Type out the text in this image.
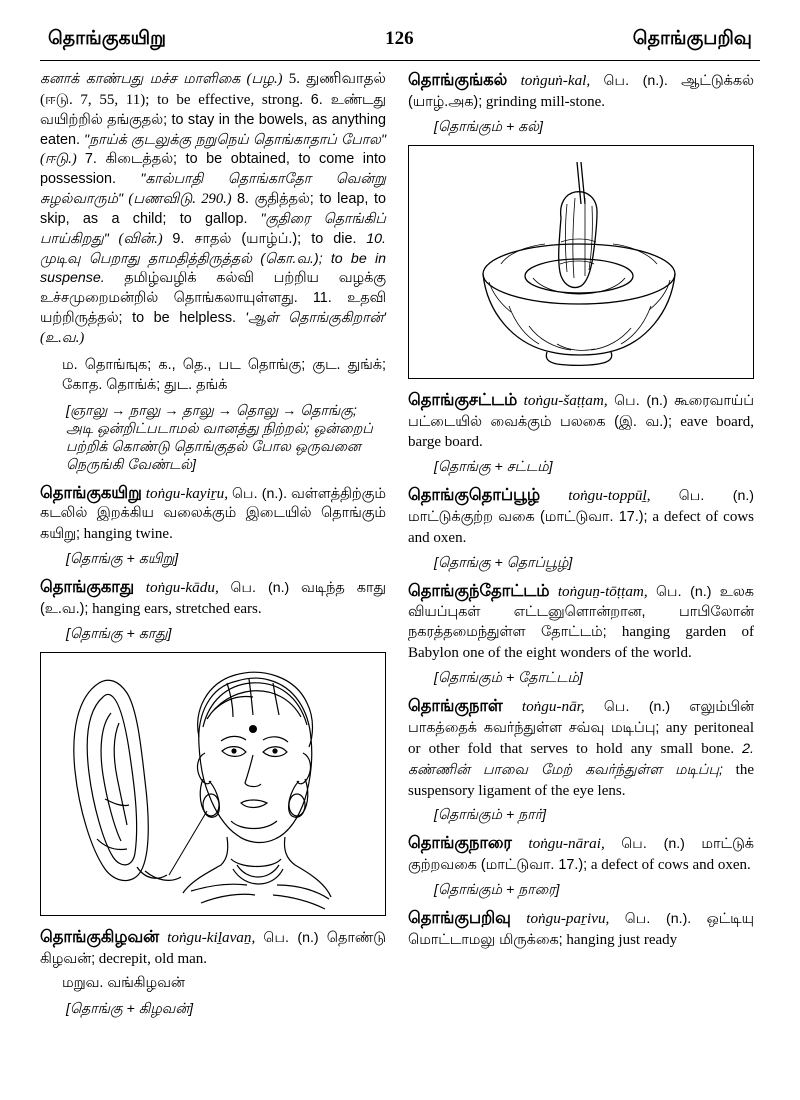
தொங்குகயிறு	126	தொங்குபறிவு
கனாக் காண்பது மச்ச மாளிகை (பழ.) 5. துணிவாதல் (ஈடு. 7, 55, 11); to be effective, strong. 6. உண்டது வயிற்றில் தங்குதல்; to stay in the bowels, as anything eaten. "நாய்க் குடலுக்கு நறுநெய் தொங்காதாப் போல" (ஈடு.) 7. கிடைத்தல்; to be obtained, to come into possession. "கால்பாதி தொங்காதோ வென்று சுழல்வாரும்" (பணவிடு. 290.) 8. குதித்தல்; to leap, to skip, as a child; to gallop. "குதிரை தொங்கிப் பாய்கிறது" (வின்.) 9. சாதல் (யாழ்ப்.); to die. 10. முடிவு பெறாது தாமதித்திருத்தல் (கொ.வ.); to be in suspense. தமிழ்வழிக் கல்வி பற்றிய வழக்கு உச்சமுறைமன்றில் தொங்கலாயுள்ளது. 11. உதவி யற்றிருத்தல்; to be helpless. 'ஆள் தொங்குகிறான்' (உ.வ.)
ம. தொங்ஙுக; க., தெ., பட தொங்கு; குட. துங்க்; கோத. தொங்க்; துட. தங்க்
[ஞாலு → நாலு → தாலு → தொலு → தொங்கு; அடி ஒன்றிட்படாமல் வானத்து நிற்றல்; ஒன்றைப் பற்றிக் கொண்டு தொங்குதல் போல ஒருவனை நெருங்கி வேண்டல்]
தொங்குகயிறு toṅgu-kayiṟu, பெ. (n.). வள்ளத்திற்கும் கடலில் இறக்கிய வலைக்கும் இடையில் தொங்கும் கயிறு; hanging twine.
[தொங்கு + கயிறு]
தொங்குகாது toṅgu-kādu, பெ. (n.) வடிந்த காது (உ.வ.); hanging ears, stretched ears.
[தொங்கு + காது]
தொங்குகிழவன் toṅgu-kiḻavaṉ, பெ. (n.) தொண்டு கிழவன்; decrepit, old man.
மறுவ. வங்கிழவன்
[தொங்கு + கிழவன்]
தொங்குங்கல் toṅguṅ-kal, பெ. (n.). ஆட்டுக்கல் (யாழ்.அக); grinding mill-stone.
[தொங்கும் + கல்]
தொங்குசட்டம் toṅgu-šaṭṭam, பெ. (n.) கூரைவாய்ப் பட்டையில் வைக்கும் பலகை (இ. வ.); eave board, barge board.
[தொங்கு + சட்டம்]
தொங்குதொப்பூழ் toṅgu-toppūḻ, பெ. (n.) மாட்டுக்குற்ற வகை (மாட்டுவா. 17.); a defect of cows and oxen.
[தொங்கு + தொப்பூழ்]
தொங்குந்தோட்டம் toṅguṉ-tōṭṭam, பெ. (n.) உலக வியப்புகள் எட்டனுளொன்றான, பாபிலோன் நகரத்தமைந்துள்ள தோட்டம்; hanging garden of Babylon one of the eight wonders of the world.
[தொங்கும் + தோட்டம்]
தொங்குநாள் toṅgu-nār, பெ. (n.) எலும்பின் பாகத்தைக் கவர்ந்துள்ள சவ்வு மடிப்பு; any peritoneal or other fold that serves to hold any small bone. 2. கண்ணின் பாவை மேற் கவர்ந்துள்ள மடிப்பு; the suspensory ligament of the eye lens.
[தொங்கும் + நார்]
தொங்குநாரை toṅgu-nārai, பெ. (n.) மாட்டுக் குற்றவகை (மாட்டுவா. 17.); a defect of cows and oxen.
[தொங்கும் + நாரை]
தொங்குபறிவு toṅgu-paṟivu, பெ. (n.). ஒட்டியு மொட்டாமலு மிருக்கை; hanging just ready
